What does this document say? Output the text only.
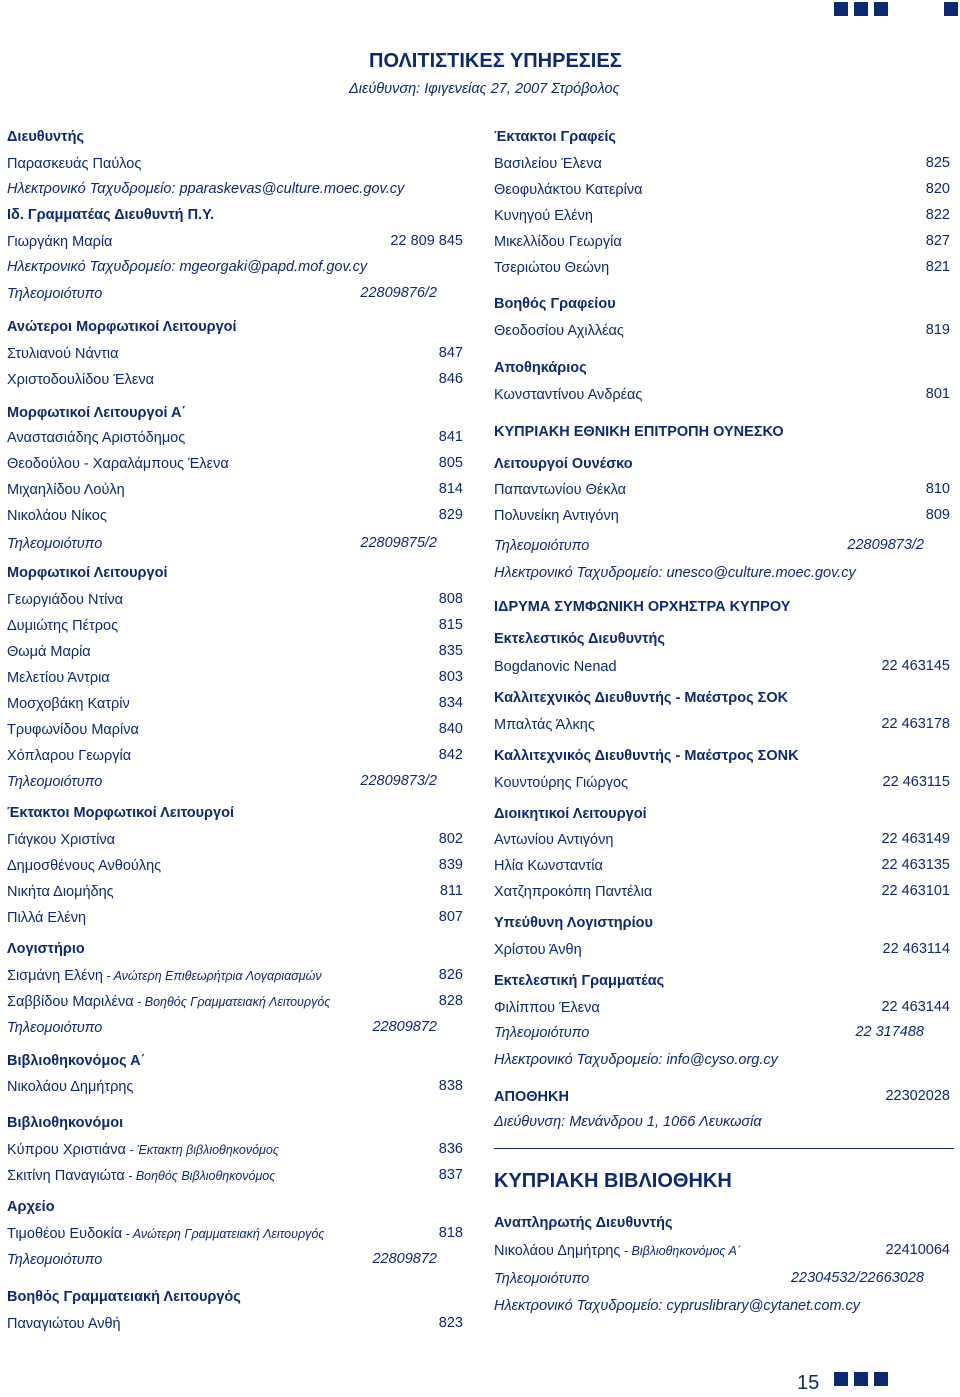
ΠΟΛΙΤΙΣΤΙΚΕΣ ΥΠΗΡΕΣΙΕΣ
Διεύθυνση: Ιφιγενείας 27, 2007 Στρόβολος
Διευθυντής
Παρασκευάς Παύλος
Ηλεκτρονικό Ταχυδρομείο: pparaskevas@culture.moec.gov.cy
Ιδ. Γραμματέας Διευθυντή Π.Υ.
Γιωργάκη Μαρία	22 809 845
Ηλεκτρονικό Ταχυδρομείο: mgeorgaki@papd.mof.gov.cy
Τηλεομοιότυπο	22809876/2
Ανώτεροι Μορφωτικοί Λειτουργοί
Στυλιανού Νάντια	847
Χριστοδουλίδου Έλενα	846
Μορφωτικοί Λειτουργοί Α΄
Αναστασιάδης Αριστόδημος	841
Θεοδούλου - Χαραλάμπους Έλενα	805
Μιχαηλίδου Λούλη	814
Νικολάου Νίκος	829
Τηλεομοιότυπο	22809875/2
Μορφωτικοί Λειτουργοί
Γεωργιάδου Ντίνα	808
Δυμιώτης Πέτρος	815
Θωμά Μαρία	835
Μελετίου Άντρια	803
Μοσχοβάκη Κατρίν	834
Τρυφωνίδου Μαρίνα	840
Χόπλαρου Γεωργία	842
Τηλεομοιότυπο	22809873/2
Έκτακτοι Μορφωτικοί Λειτουργοί
Γιάγκου Χριστίνα	802
Δημοσθένους Ανθούλης	839
Νικήτα Διομήδης	811
Πιλλά Ελένη	807
Λογιστήριο
Σισμάνη Ελένη - Ανώτερη Επιθεωρήτρια Λογαριασμών	826
Σαββίδου Μαριλένα - Βοηθός Γραμματειακή Λειτουργός	828
Τηλεομοιότυπο	22809872
Βιβλιοθηκονόμος Α΄
Νικολάου Δημήτρης	838
Βιβλιοθηκονόμοι
Κύπρου Χριστιάνα - Έκτακτη βιβλιοθηκονόμος	836
Σκιτίνη Παναγιώτα - Βοηθός Βιβλιοθηκονόμος	837
Αρχείο
Τιμοθέου Ευδοκία - Ανώτερη Γραμματειακή Λειτουργός	818
Τηλεομοιότυπο	22809872
Βοηθός Γραμματειακή Λειτουργός
Παναγιώτου Ανθή	823
Έκτακτοι Γραφείς
Βασιλείου Έλενα	825
Θεοφυλάκτου Κατερίνα	820
Κυνηγού Ελένη	822
Μικελλίδου Γεωργία	827
Τσεριώτου Θεώνη	821
Βοηθός Γραφείου
Θεοδοσίου Αχιλλέας	819
Αποθηκάριος
Κωνσταντίνου Ανδρέας	801
ΚΥΠΡΙΑΚΗ ΕΘΝΙΚΗ ΕΠΙΤΡΟΠΗ ΟΥΝΕΣΚΟ
Λειτουργοί Ουνέσκο
Παπαντωνίου Θέκλα	810
Πολυνείκη Αντιγόνη	809
Τηλεομοιότυπο	22809873/2
Ηλεκτρονικό Ταχυδρομείο: unesco@culture.moec.gov.cy
ΙΔΡΥΜΑ ΣΥΜΦΩΝΙΚΗ ΟΡΧΗΣΤΡΑ ΚΥΠΡΟΥ
Εκτελεστικός Διευθυντής
Bogdanovic Nenad	22 463145
Καλλιτεχνικός Διευθυντής - Μαέστρος ΣΟΚ
Μπαλτάς Άλκης	22 463178
Καλλιτεχνικός Διευθυντής - Μαέστρος ΣΟΝΚ
Κουντούρης Γιώργος	22 463115
Διοικητικοί Λειτουργοί
Αντωνίου Αντιγόνη	22 463149
Ηλία Κωνσταντία	22 463135
Χατζηπροκόπη Παντέλια	22 463101
Υπεύθυνη Λογιστηρίου
Χρίστου Άνθη	22 463114
Εκτελεστική Γραμματέας
Φιλίππου Έλενα	22 463144
Τηλεομοιότυπο	22 317488
Ηλεκτρονικό Ταχυδρομείο: info@cyso.org.cy
ΑΠΟΘΗΚΗ	22302028
Διεύθυνση: Μενάνδρου 1, 1066 Λευκωσία
ΚΥΠΡΙΑΚΗ ΒΙΒΛΙΟΘΗΚΗ
Αναπληρωτής Διευθυντής
Νικολάου Δημήτρης - Βιβλιοθηκονόμος Α΄	22410064
Τηλεομοιότυπο	22304532/22663028
Ηλεκτρονικό Ταχυδρομείο: cypruslibrary@cytanet.com.cy
15
